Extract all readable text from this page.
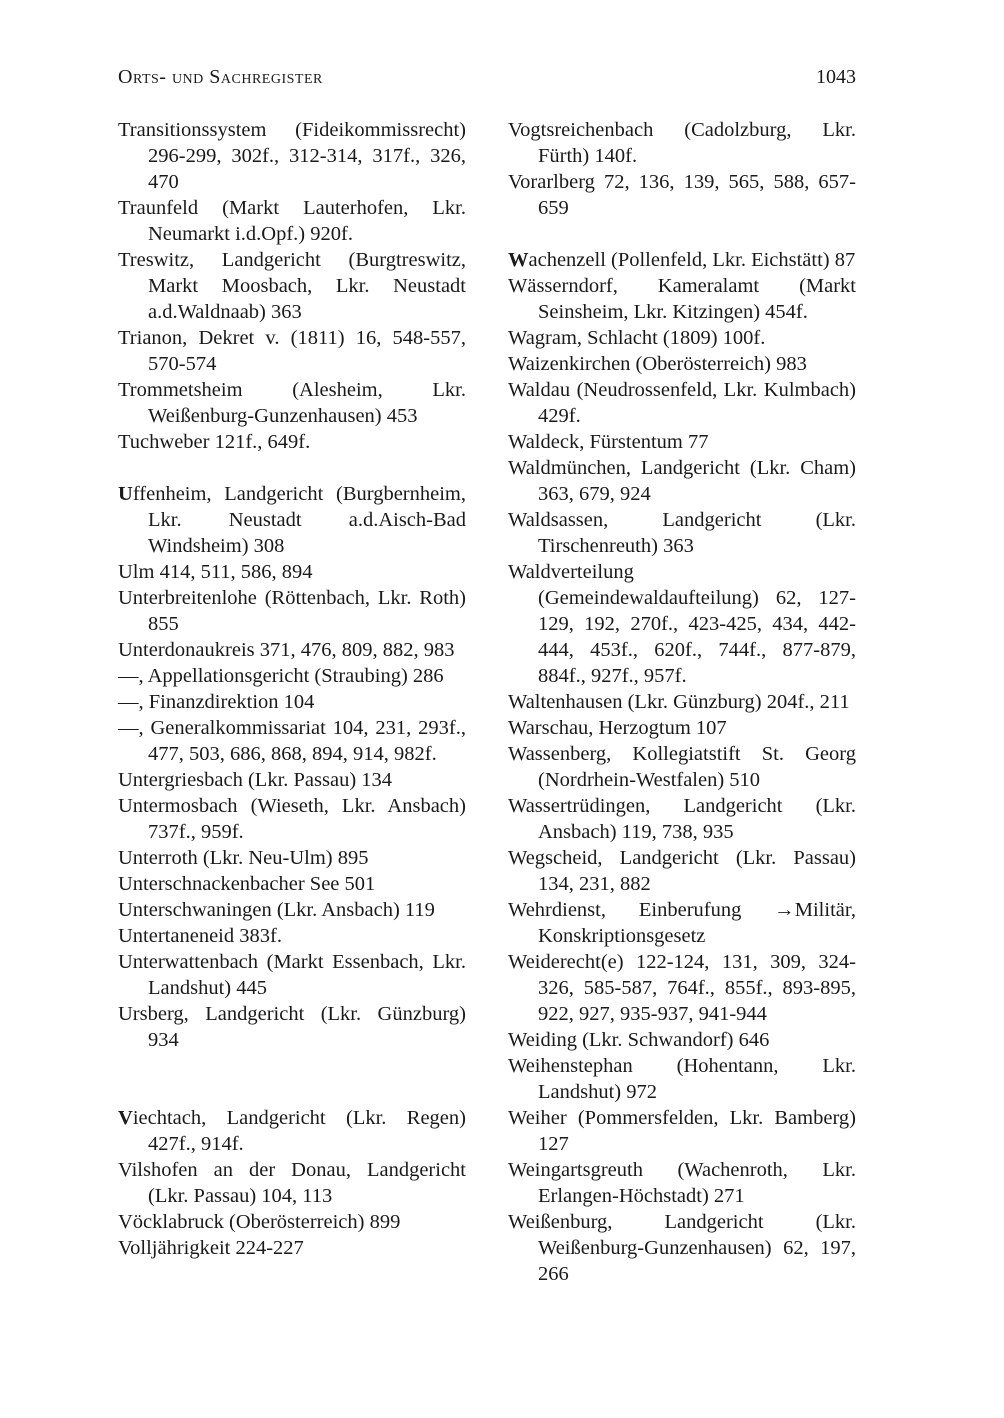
Orts- und Sachregister	1043

Transitionssystem (Fideikommissrecht) 296-299, 302f., 312-314, 317f., 326, 470

Traunfeld (Markt Lauterhofen, Lkr. Neumarkt i.d.Opf.) 920f.

Treswitz, Landgericht (Burgtreswitz, Markt Moosbach, Lkr. Neustadt a.d.Waldnaab) 363

Trianon, Dekret v. (1811) 16, 548-557, 570-574

Trommetsheim (Alesheim, Lkr. Weißenburg-Gunzenhausen) 453

Tuchweber 121f., 649f.

Uffenheim, Landgericht (Burgbernheim, Lkr. Neustadt a.d.Aisch-Bad Windsheim) 308

Ulm 414, 511, 586, 894

Unterbreitenlohe (Röttenbach, Lkr. Roth) 855

Unterdonaukreis 371, 476, 809, 882, 983

—, Appellationsgericht (Straubing) 286

—, Finanzdirektion 104

—, Generalkommissariat 104, 231, 293f., 477, 503, 686, 868, 894, 914, 982f.

Untergriesbach (Lkr. Passau) 134

Untermosbach (Wieseth, Lkr. Ansbach) 737f., 959f.

Unterroth (Lkr. Neu-Ulm) 895

Unterschnackenbacher See 501

Unterschwaningen (Lkr. Ansbach) 119

Untertaneneid 383f.

Unterwattenbach (Markt Essenbach, Lkr. Landshut) 445

Ursberg, Landgericht (Lkr. Günzburg) 934

Viechtach, Landgericht (Lkr. Regen) 427f., 914f.

Vilshofen an der Donau, Landgericht (Lkr. Passau) 104, 113

Vöcklabruck (Oberösterreich) 899

Volljährigkeit 224-227

Vogtsreichenbach (Cadolzburg, Lkr. Fürth) 140f.

Vorarlberg 72, 136, 139, 565, 588, 657-659

Wachenzell (Pollenfeld, Lkr. Eichstätt) 87

Wässerndorf, Kameralamt (Markt Seinsheim, Lkr. Kitzingen) 454f.

Wagram, Schlacht (1809) 100f.

Waizenkirchen (Oberösterreich) 983

Waldau (Neudrossenfeld, Lkr. Kulmbach) 429f.

Waldeck, Fürstentum 77

Waldmünchen, Landgericht (Lkr. Cham) 363, 679, 924

Waldsassen, Landgericht (Lkr. Tirschenreuth) 363

Waldverteilung (Gemeindewaldaufteilung) 62, 127-129, 192, 270f., 423-425, 434, 442-444, 453f., 620f., 744f., 877-879, 884f., 927f., 957f.

Waltenhausen (Lkr. Günzburg) 204f., 211

Warschau, Herzogtum 107

Wassenberg, Kollegiatstift St. Georg (Nordrhein-Westfalen) 510

Wassertrüdingen, Landgericht (Lkr. Ansbach) 119, 738, 935

Wegscheid, Landgericht (Lkr. Passau) 134, 231, 882

Wehrdienst, Einberufung →Militär, Konskriptionsgesetz

Weiderecht(e) 122-124, 131, 309, 324-326, 585-587, 764f., 855f., 893-895, 922, 927, 935-937, 941-944

Weiding (Lkr. Schwandorf) 646

Weihenstephan (Hohentann, Lkr. Landshut) 972

Weiher (Pommersfelden, Lkr. Bamberg) 127

Weingartsgreuth (Wachenroth, Lkr. Erlangen-Höchstadt) 271

Weißenburg, Landgericht (Lkr. Weißenburg-Gunzenhausen) 62, 197, 266
